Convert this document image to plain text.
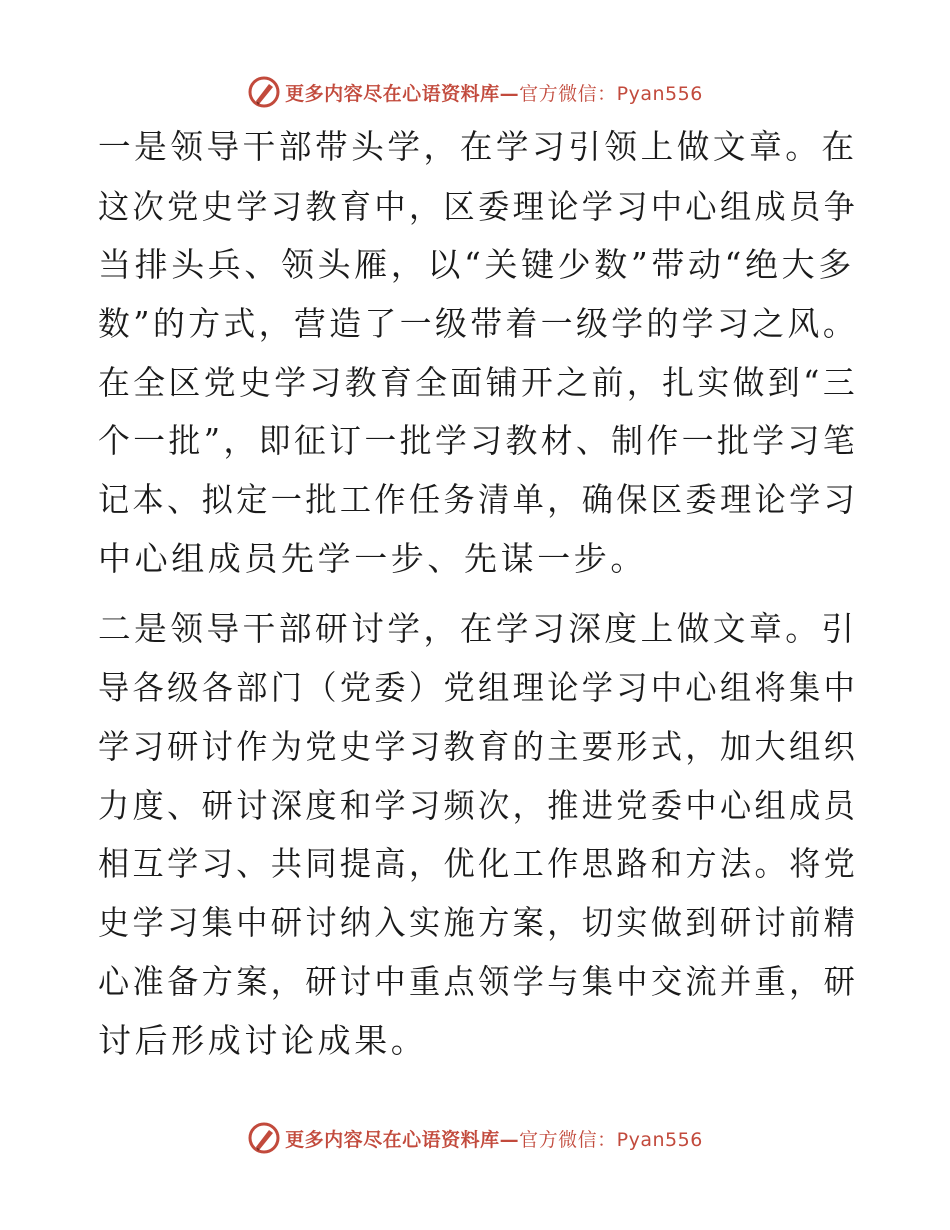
更多内容尽在心语资料库— 官方微信：Pyan556
一是领导干部带头学，在学习引领上做文章。在
这次党史学习教育中，区委理论学习中心组成员争
当排头兵、领头雁，以“关键少数”带动“绝大多
数”的方式，营造了一级带着一级学的学习之风。
在全区党史学习教育全面铺开之前，扎实做到“三
个一批”，即征订一批学习教材、制作一批学习笔
记本、拟定一批工作任务清单，确保区委理论学习
中心组成员先学一步、先谋一步。
二是领导干部研讨学，在学习深度上做文章。引
导各级各部门（党委）党组理论学习中心组将集中
学习研讨作为党史学习教育的主要形式，加大组织
力度、研讨深度和学习频次，推进党委中心组成员
相互学习、共同提高，优化工作思路和方法。将党
史学习集中研讨纳入实施方案，切实做到研讨前精
心准备方案，研讨中重点领学与集中交流并重，研
讨后形成讨论成果。
更多内容尽在心语资料库— 官方微信：Pyan556
